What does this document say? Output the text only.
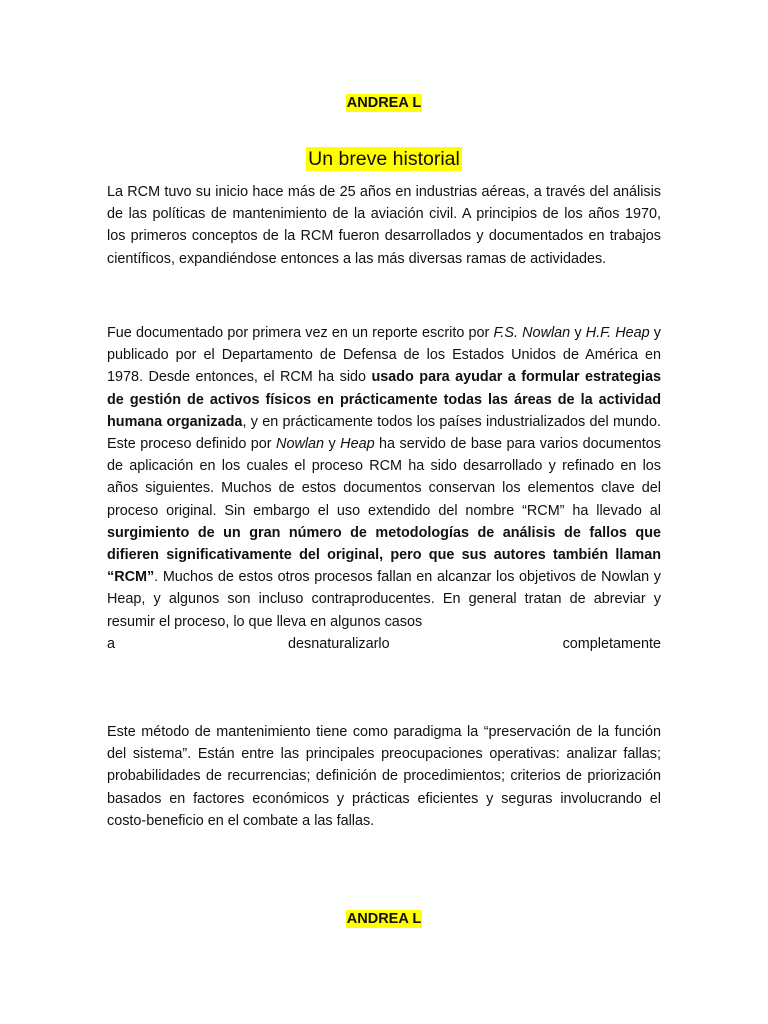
ANDREA L
Un breve historial
La RCM tuvo su inicio hace más de 25 años en industrias aéreas, a través del análisis de las políticas de mantenimiento de la aviación civil. A principios de los años 1970, los primeros conceptos de la RCM fueron desarrollados y documentados en trabajos científicos, expandiéndose entonces a las más diversas ramas de actividades.
Fue documentado por primera vez en un reporte escrito por F.S. Nowlan y H.F. Heap y publicado por el Departamento de Defensa de los Estados Unidos de América en 1978. Desde entonces, el RCM ha sido usado para ayudar a formular estrategias de gestión de activos físicos en prácticamente todas las áreas de la actividad humana organizada, y en prácticamente todos los países industrializados del mundo. Este proceso definido por Nowlan y Heap ha servido de base para varios documentos de aplicación en los cuales el proceso RCM ha sido desarrollado y refinado en los años siguientes. Muchos de estos documentos conservan los elementos clave del proceso original. Sin embargo el uso extendido del nombre “RCM” ha llevado al surgimiento de un gran número de metodologías de análisis de fallos que difieren significativamente del original, pero que sus autores también llaman “RCM”. Muchos de estos otros procesos fallan en alcanzar los objetivos de Nowlan y Heap, y algunos son incluso contraproducentes. En general tratan de abreviar y resumir el proceso, lo que lleva en algunos casos
a	desnaturalizarlo	completamente
Este método de mantenimiento tiene como paradigma la “preservación de la función del sistema”. Están entre las principales preocupaciones operativas: analizar fallas; probabilidades de recurrencias; definición de procedimientos; criterios de priorización basados en factores económicos y prácticas eficientes y seguras involucrando el costo-beneficio en el combate a las fallas.
ANDREA L
